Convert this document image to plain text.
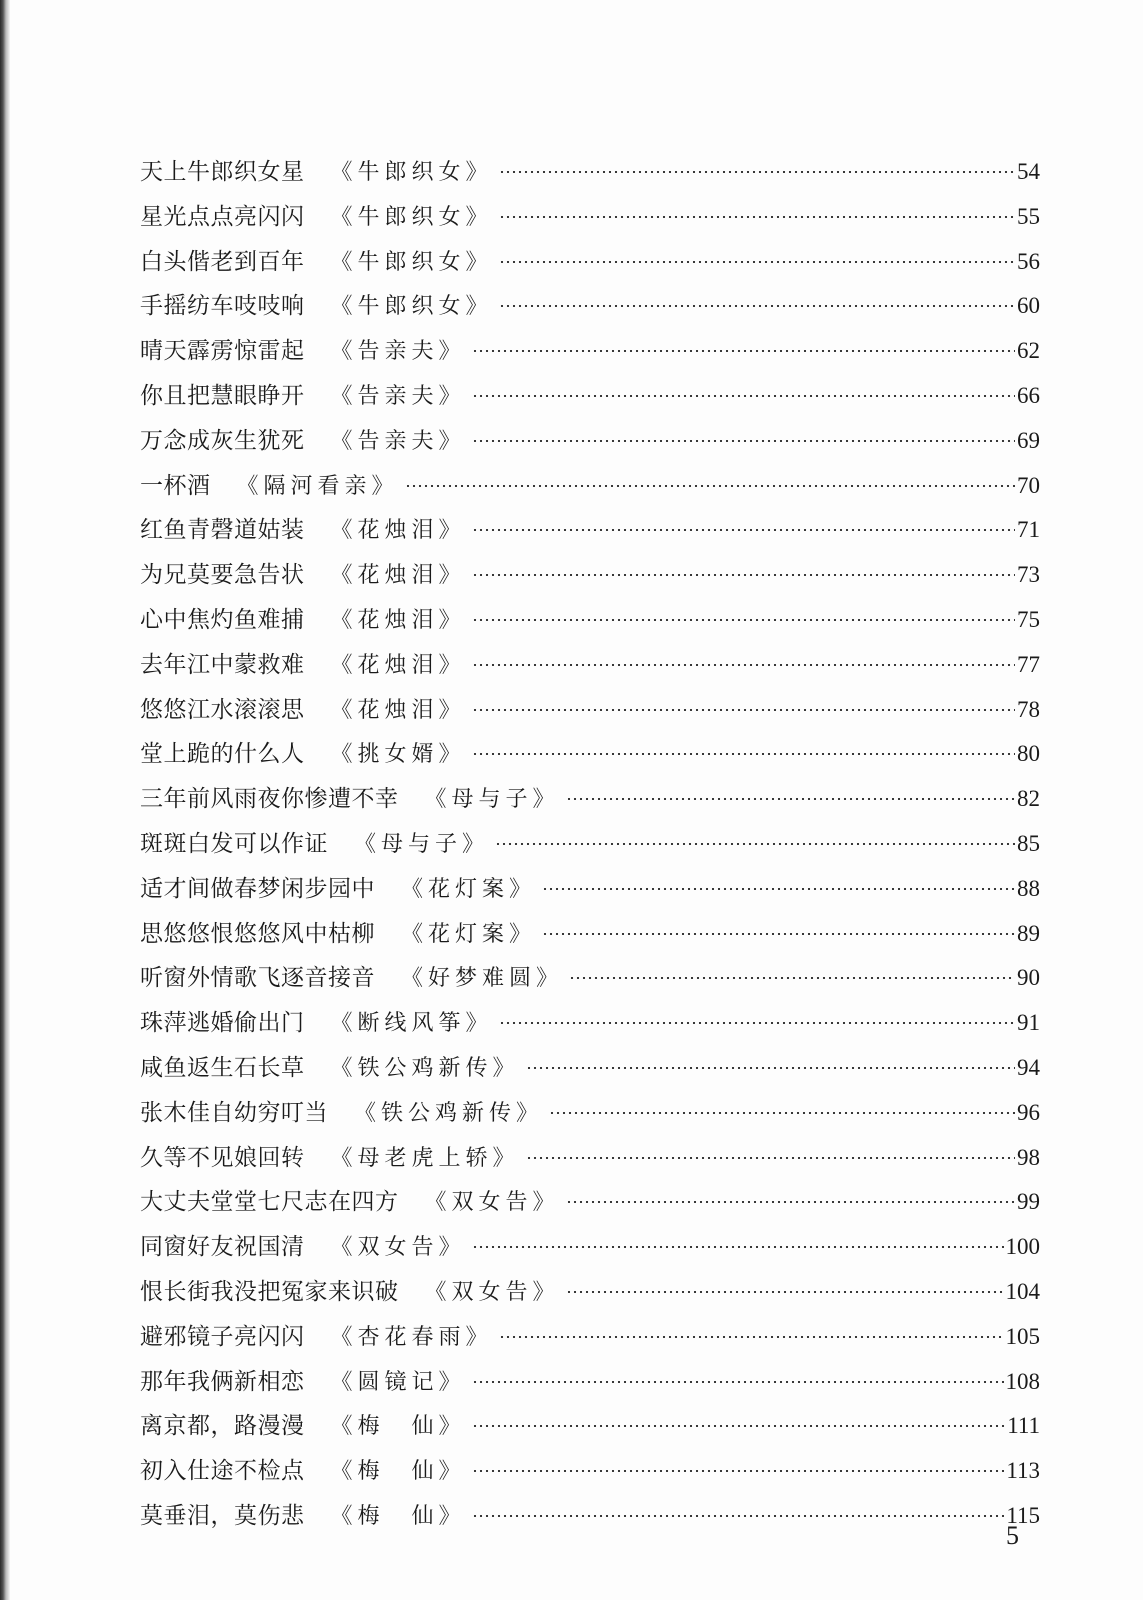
天上牛郎织女星 《牛郎织女》	54
星光点点亮闪闪 《牛郎织女》	55
白头偕老到百年 《牛郎织女》	56
手摇纺车吱吱响 《牛郎织女》	60
晴天霹雳惊雷起 《告亲夫》	62
你且把慧眼睁开 《告亲夫》	66
万念成灰生犹死 《告亲夫》	69
一杯酒 《隔河看亲》	70
红鱼青磬道姑装 《花烛泪》	71
为兄莫要急告状 《花烛泪》	73
心中焦灼鱼难捕 《花烛泪》	75
去年江中蒙救难 《花烛泪》	77
悠悠江水滚滚思 《花烛泪》	78
堂上跪的什么人 《挑女婿》	80
三年前风雨夜你惨遭不幸 《母与子》	82
斑斑白发可以作证 《母与子》	85
适才间做春梦闲步园中 《花灯案》	88
思悠悠恨悠悠风中枯柳 《花灯案》	89
听窗外情歌飞逐音接音 《好梦难圆》	90
珠萍逃婚偷出门 《断线风筝》	91
咸鱼返生石长草 《铁公鸡新传》	94
张木佳自幼穷叮当 《铁公鸡新传》	96
久等不见娘回转 《母老虎上轿》	98
大丈夫堂堂七尺志在四方 《双女告》	99
同窗好友祝国清 《双女告》	100
恨长街我没把冤家来识破 《双女告》	104
避邪镜子亮闪闪 《杏花春雨》	105
那年我俩新相恋 《圆镜记》	108
离京都，路漫漫 《梅　仙》	111
初入仕途不检点 《梅　仙》	113
莫垂泪，莫伤悲 《梅　仙》	115
5
